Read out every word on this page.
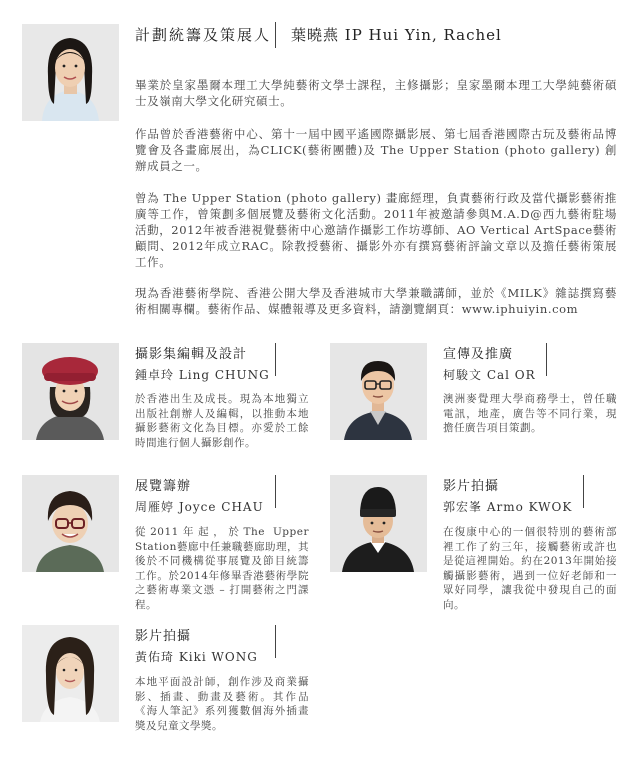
計劃統籌及策展人 葉曉燕 IP Hui Yin, Rachel
畢業於皇家墨爾本理工大學純藝術文學士課程，主修攝影；皇家墨爾本理工大學純藝術碩士及嶺南大學文化研究碩士。
作品曾於香港藝術中心、第十一屆中國平遙國際攝影展、第七屆香港國際古玩及藝術品博覽會及各畫廊展出，為CLICK(藝術團體)及 The Upper Station (photo gallery) 創辦成員之一。
曾為 The Upper Station (photo gallery) 畫廊經理，負責藝術行政及當代攝影藝術推廣等工作，曾策劃多個展覽及藝術文化活動。2011年被邀請參與M.A.D@西九藝術駐場活動，2012年被香港視覺藝術中心邀請作攝影工作坊導師、AO Vertical ArtSpace藝術顧問、2012年成立RAC。除教授藝術、攝影外亦有撰寫藝術評論文章以及擔任藝術策展工作。
現為香港藝術學院、香港公開大學及香港城市大學兼職講師，並於《MILK》雜誌撰寫藝術相關專欄。藝術作品、媒體報導及更多資料，請瀏覽網頁：www.iphuiyin.com
攝影集編輯及設計
鍾卓玲 Ling CHUNG
於香港出生及成長。現為本地獨立出版社創辦人及編輯，以推動本地攝影藝術文化為目標。亦愛於工餘時間進行個人攝影創作。
宣傳及推廣
柯駿文 Cal OR
澳洲麥覺理大學商務學士，曾任職電訊，地產，廣告等不同行業，現擔任廣告項目策劃。
展覽籌辦
周雁婷 Joyce CHAU
從2011年起，於The Upper Station藝廊中任兼職藝廊助理，其後於不同機構從事展覽及節目統籌工作。於2014年修畢香港藝術學院之藝術專業文憑 – 打開藝術之門課程。
影片拍攝
郭宏峯 Armo KWOK
在復康中心的一個很特別的藝術部裡工作了約三年，接觸藝術或許也是從這裡開始。約在2013年開始接觸攝影藝術，遇到一位好老師和一眾好同學，讓我從中發現自己的面向。
影片拍攝
黃佑琦 Kiki WONG
本地平面設計師，創作涉及商業攝影、插畫、動畫及藝術。其作品《海人筆記》系列獲數個海外插畫獎及兒童文學獎。
